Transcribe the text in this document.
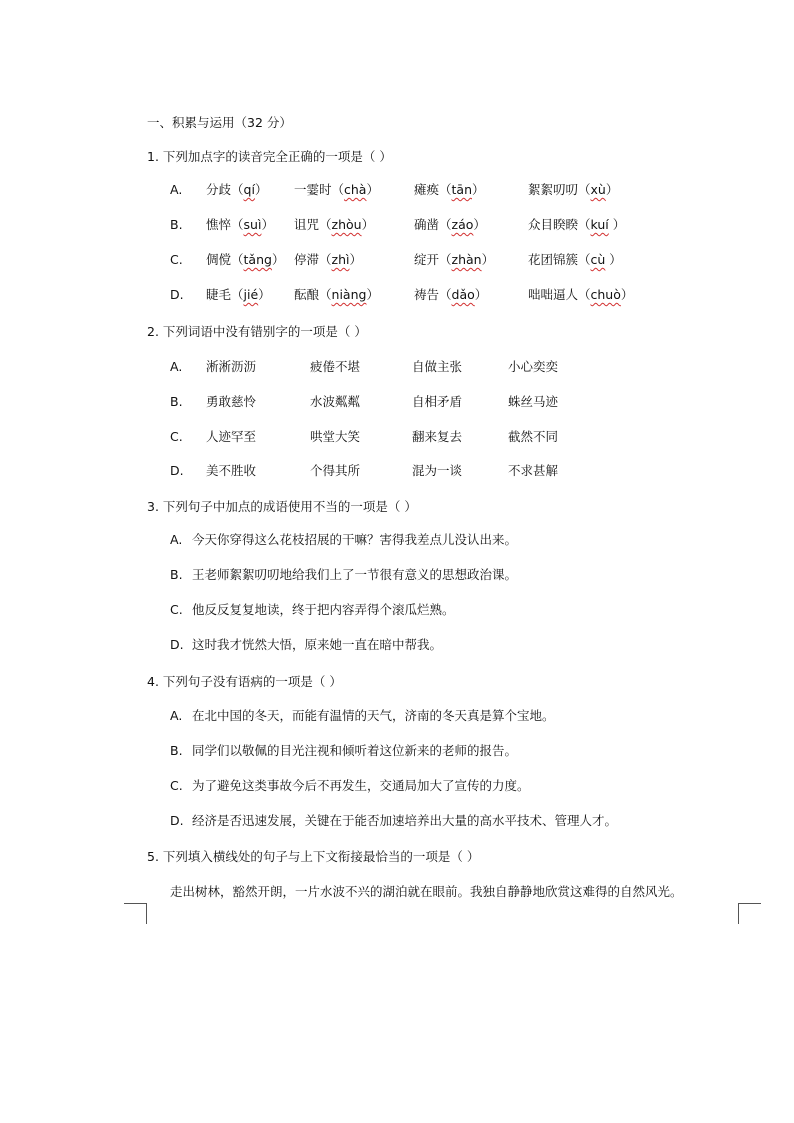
一、积累与运用（32 分）
1. 下列加点字的读音完全正确的一项是（ ）
A. 分歧（qí） 一霎时（chà）	瘫痪（tān）	絮絮叨叨（xù）
B. 憔悴（suì） 诅咒（zhòu）	确凿（záo）	众目睽睽（kuí ）
C. 倜傥（tǎng） 停滞（zhì）	绽开（zhàn）	花团锦簇（cù ）
D. 睫毛（jié） 酝酿（niàng）	祷告（dǎo）	咄咄逼人（chuò）
2. 下列词语中没有错别字的一项是（ ）
A. 淅淅沥沥	疲倦不堪	自做主张	小心奕奕
B. 勇敢慈怜	水波粼粼	自相矛盾	蛛丝马迹
C. 人迹罕至	哄堂大笑	翻来复去	截然不同
D. 美不胜收	个得其所	混为一谈	不求甚解
3. 下列句子中加点的成语使用不当的一项是（ ）
A. 今天你穿得这么花枝招展的干嘛？害得我差点儿没认出来。
B. 王老师絮絮叨叨地给我们上了一节很有意义的思想政治课。
C. 他反反复复地读，终于把内容弄得个滚瓜烂熟。
D. 这时我才恍然大悟，原来她一直在暗中帮我。
4. 下列句子没有语病的一项是（ ）
A. 在北中国的冬天，而能有温情的天气，济南的冬天真是算个宝地。
B. 同学们以敬佩的目光注视和倾听着这位新来的老师的报告。
C. 为了避免这类事故今后不再发生，交通局加大了宣传的力度。
D. 经济是否迅速发展，关键在于能否加速培养出大量的高水平技术、管理人才。
5. 下列填入横线处的句子与上下文衔接最恰当的一项是（ ）
走出树林，豁然开朗，一片水波不兴的湖泊就在眼前。我独自静静地欣赏这难得的自然风光。
